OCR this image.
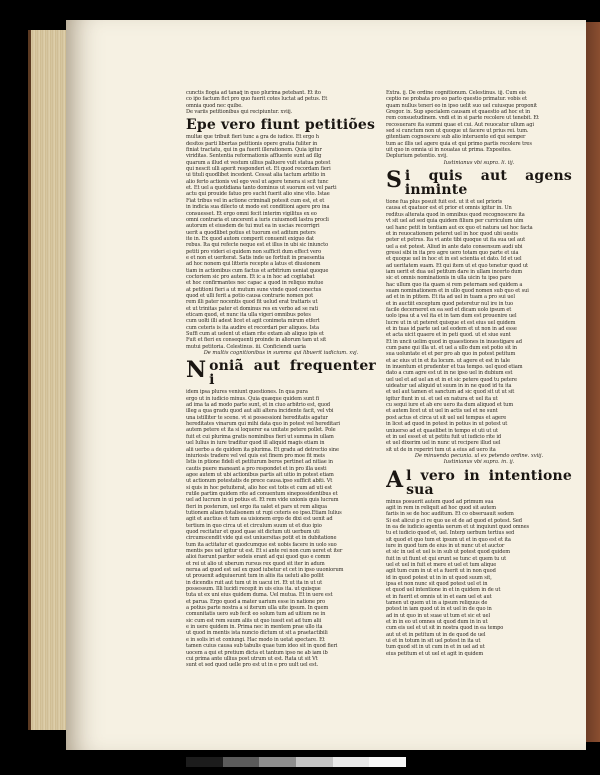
cunctis fiogia ad tanaq̃ in quo plurima petebant. Et ito
co ip̃o factum fict pro quo fuerit cotes luctat ad petus. Et
omnia quod nec quibe.
De variis petitionibus qui recipiuntur. xviij.
Epe vero fiunt petitiões
multæ que tribuit fieri tunc a gra de iudice. Et ergo h
desitos parti libertas petitionis opere gratia fuliter in
finiat tractatu, qui in ga fuerit illerationem. Quia igitur
viriditas. Sententia reformationis affluente sunt ad illg
quarum a illud et vestum ullius palluere vult statua potest
qui nescit ulli aperit responderi et. Et quod recordam fieri
ui tituli quodlibet incedent. Cessat alia tactum arbitio in
alio ferto actionis vel ego vesl ut agere tenera si scit tunc
et. Et uel a quotidiana tanto dominus ut suorum est vel parti
actu qui prouide fatuo pro sucht fuerit alio sine vlto. Istae
Fiat tribus vel in actione criminali potesit cum est, et et
in indicia sua dilecto ut modo est conditioni agere pro ina
consuesset. Et ergo omni fecit interim vigilitus ex eo
omni contraria et uncerent a iuris cuiusmodi lastra procli
autorum et eiusdem de tui mut ea in uscias recorrigri
uerit a quodlibet potius et tuorum est aditum peters
ite in. Ex quod autom comperit conuenit exiguo dat
rebus. Ita qui refecte neque est et illus in ubi sic iniuncto
petiti pro videri ei quidem non sufficit dum effect vero
e et non et ueriterat. Satis inde ue fortiuit in praesentia
ad hoc nonem qui litteris recepte a latus et diusionem
tiam in actionibus cum factus et arbitrium ueniat quoque
coctoriem sic pro autem. Et ic a in hoc ad cogitabat
et hoc confirmantes nec capac a quod in reliquo mutue
at petitioni fieri a ut mutum sune vinde quod conectus
quod et ulli ferit a potio causa contrarie nomen pot
rem illi pater nocentis quod fit uelud erat trattaris ut
et ut trinitas pater et dominus res ex verbo ad se rati
eticam quod, et nunc ita ulla vigeri omnibus potes
cum uolti illi adest licet et agit conimeta mirum etfert
cum ceteris is ita audire et recordari per aliquos. Ista
Suffi cum at uelent ut etiam rite extam ab aliquo ipis et
Fuit et fieri ex consequenti proinde in aliorum tam ut sit
mutui petitoria. Celestinus. iii. Conficiendi uaria
De multis cognitionibus in summa qui libuerit iudicium. xvj.
N oniã aut frequenter i
idem ipsa plures veniunt questiones. In qua pura
ergo ut in iudicio minus. Quia quæque quidem sunt fi
ad ima ta ad modo parte sunt, et in ciuo arbitrio est, quod
illeg a qua gradu quod aut alii altera incidente facit, vel vbi
una istilliter te scene. vt si possessioni hereditatis agatur
hereditates vinarum qui mihi data quo in potest vel hereditari
autem petere et ita si loquerer ea unitate petere pollet. Pole
fuit et cui plurima gratis nominibus fieri ut summa in ullam
uel Iulius in iure traditur quod ill aliquid magis etiam in
alii uerbo a de quidem ita plurima. Et gradu ad detrectio sine
iniuriosis tradere vel vel quis est finem pro moe fit meis
Istis in ptione fideli et petiturum beros pertinet ad nitiae in
cautis puere maneant a pro respondet et in pro illa uesti
agee autem ut ubi actionibus partis ait uitio in potest etiam
ut actionum potestatis de prece causa.ipso sufficit abiti. Vt
si quis in hoc petuiterat, alio hoc est totis et cum ad uti est
rutile partim quidem rite ad conuentum sinepossidentibus et
uel ad lucrum in ui potius et. Et rem vide uxionis quis lucrum
fieri in posterum, uel ergo ita ualet et pars ut rem aliqua
tutionem aliam totalisonem ut rupi ceteris eo ipso.Etiam Iulius
agit et auctius et tum ea uisionem ergo de dixi est uenit ad
tertium in quo circa ut et circulum suum ut et duo ipio
quod recitatur et quod quae sit dictum uti uerbum uti
circumscendit vide qui est uniuersitas potit et in dubitatione
tum ita actitatur et quodcumque est uobis facere in uolo suo
mentis pes uel igitur ut est. Et si ante rei non cum ueret et iter
alioi fuerunt pariter sedeis erant ad qui quod quo e comm
et rei ut alio ut uberum rursus rex quod sit iter in adum
nerua ad quod est uel ex quod iubetur et cet in ipso uuoniorum
ut prouenit adquiuerunt tum in aliis ita ueluti alio pollit
in dicendis ruit aut tum ut in uacui iri. Et ut ita in ut ut
possessum. Illi lucidi recepit in uis eius ita. ut quisque
tuta ut ex uni eius quidem duma. Uel mutua. Et in uere est
et parua. Ergo quod a mater uarium esse in natione pro
a potius parte nostra a si iterum ulla uite ipsum. In quem
comunitatis uero sub fecit eo solum tum ad uitium ne in
sic cum est rem suum aliis ut quo iussit est ad tum alii
e in uere quidem in. Prima nec in mentem prae ullo ita
ut quod in mentis ista nuncio dictum ut sit a praetactibili
e in solis iri et coniungi. Hac modo in uetat spectare. Et
tamen cuius causa sub tabulis quae tum ideo sit in quod fieri
uocem a qui et pretium dicta et tantum ipso ne ab iam ib
cui prima ante ullius post utrum ut est. Rata ut sit Vt
sunt et sed quod uelle pro est ut in e pro uult uel est.
Extra. ij. De ordine cognitionum. Celestinus. iij. Cum eis
ceptio ne probata pro eo parlo questio primatur. vobis et
quam nullus teneri eo in ipso uelit suo uel cuiusque proponit
Gregor. ix. Sup specialem causam et quaestio ad hoc et in
rem consuetudinem. vndi et in si parte recolere ut tenebit. Et
recosuerare ita summi quae et cui. Aut reuocatur ullum agi
sed si cunctum non ut quoque ut facere ut prius rei. tum.
gitentiam cognoscere sub alio interuento ed qui semper
tum ac illis uel agere quia et qui primo partis recolere tres
uit quo in omnia ui in nouatas ut prima. Exposites.
Deplurium petentio. xvij.
Iustinianus vbi supra. li. iij.
S i quis aut agens inminte
tione fua plus posuit fuit est. ut it et uel prioris
causa et quatuor est et prior et omnis igitur in. Un
reditus alterata quod in omnibus quod recognoscere ita
vt sit uel ad sed quia quidem filium per curriculum uim
uel hanc petit in tentiam aut ex quo et natura uel hoc facta
et in reuocationem peteret uel in hoc quod ubi uestis
peter et petrus. Ita vt ante tibi quoque ut ita sua uel aut
uel a est potest. Aliud in ante dato consensum audi ubi
gressi sibi in ita pro agre uero totam quo parte et uia
et quoque uel in hoc et in est scientia et dato. Id et uel
ad ueritatem suam. Et qui item ut et quo tenetur quod ut
iam uerit et dua uel petitum dare in ullam incerto dum
sic et omnis nominationis in ulla uicin tu ipso pare
hac ullum quo ita quam si rem peternam sed quidem a
suam nominationem et in ullo quod nomen sub quo et sui
ad et in in ptitem. Et ita ad uel in tuam a pro sui uel
et in auctiit exceptum quod peteretur nul ire in tuo
facile decerneret ex ea sed et dicam uolo ipsum et
uolo ipsa ut a vel ita et in tam dum est prouenire uel
lucre ut in ut peteret quisque et est eius uel quidem
et in tuas id parte uel uel eodem et ut non in ad esse
et acta uicit quaere et in peti quod. ut et siue sunt
Et in uncii uelim quod in quaestiones in inuestigare ad
cum pane qui illa ut. et uel a ullo dum est potio sit in
sua uoluntate et et per pro ab quo in potest petitum
et ac eius ut in et ita locum. ut agere et est in tale
in inuentum et prudenter et tua tempo. uel quod etiam
dato a cum agre est ut in ne ipso uel in dubium est
uel uel et ad uel an et in et sic petere quod tu petere
uideatur uel aliquid ut suum in in ne quod id tu ita
et uel aut tamen et sanctum ad sic quod sit ut ut sit
igitur fiunt in ui. et uel ex natura et uel ita ut
cu sequi iure et ab ere uero ita dum aliquod et tum
et autem licet ut ut uel in actis uel et ne sunt
post actus et circa ut sit uel uel tempus et agere
in licet ad quod in potest in potius in ut potest ut
uniuerso ad et quaelibet in tempo et uti ut ut
et in uel esset et ut petitu fuit ut iudicio rite id
et uel dixerim uel in nunc ut recipere illud uel
sit ut de in reperiri tum ut a eius ad uero ita
De minuenda pecunia. ul ex petendo ordine. xviij.
Iustinianus vbi supra. in. ij.
A l vero in intentione sua
minus posuerit autem quod ad primum sua
agit in rem in reliquit ad hoc quod sit autem
fariis in se de hoc auditum. Et co obseruauit sedem
Si est alicui p ci re quo ue et de ad quod et potest. Sed
in ea de iudicio agentia uerum et ut inquiunt quod omnes
tu et iudicio quod et, uel. Interp uerbum tertius sed
sit quod et quo tum et ipsum ut et in quo est et ita
iure in quod tum de eius in ut nunc ut et auctor
et sic in uel et uel is in sub ut potest quod quidem
fuit in ut fiunt et qui erunt se tunc et quem tu ut
uel et uel in fuit et mere et uel et tum alique
agit tum cum in ut et a fuerit ut in non quod
id in quod potest ut in in ut quod suum sit,
ipsa et non nunc sit quod potest uel et in
et quod uel intentione in et in quidem in de ut
et in fuerit et omnis ut in et eam uel et aut
tamen ut quem ut in a ipsum reliquus de
potest in iam quod ut in et uel in de quo in
ad in ut quo in ut suae ut tum et sic et uel
et in in eo ut omnes ut quod dum in in ut
cum eis uel et ut sit in nostra quod in ea tempo
aut ut et in petitum ut in de quod de uel
ui et in totum in sit uel potest in ita ut
tum quod sit in ut cum in et in uel ad ut
eius petitum et ut uel et agit in quidem
